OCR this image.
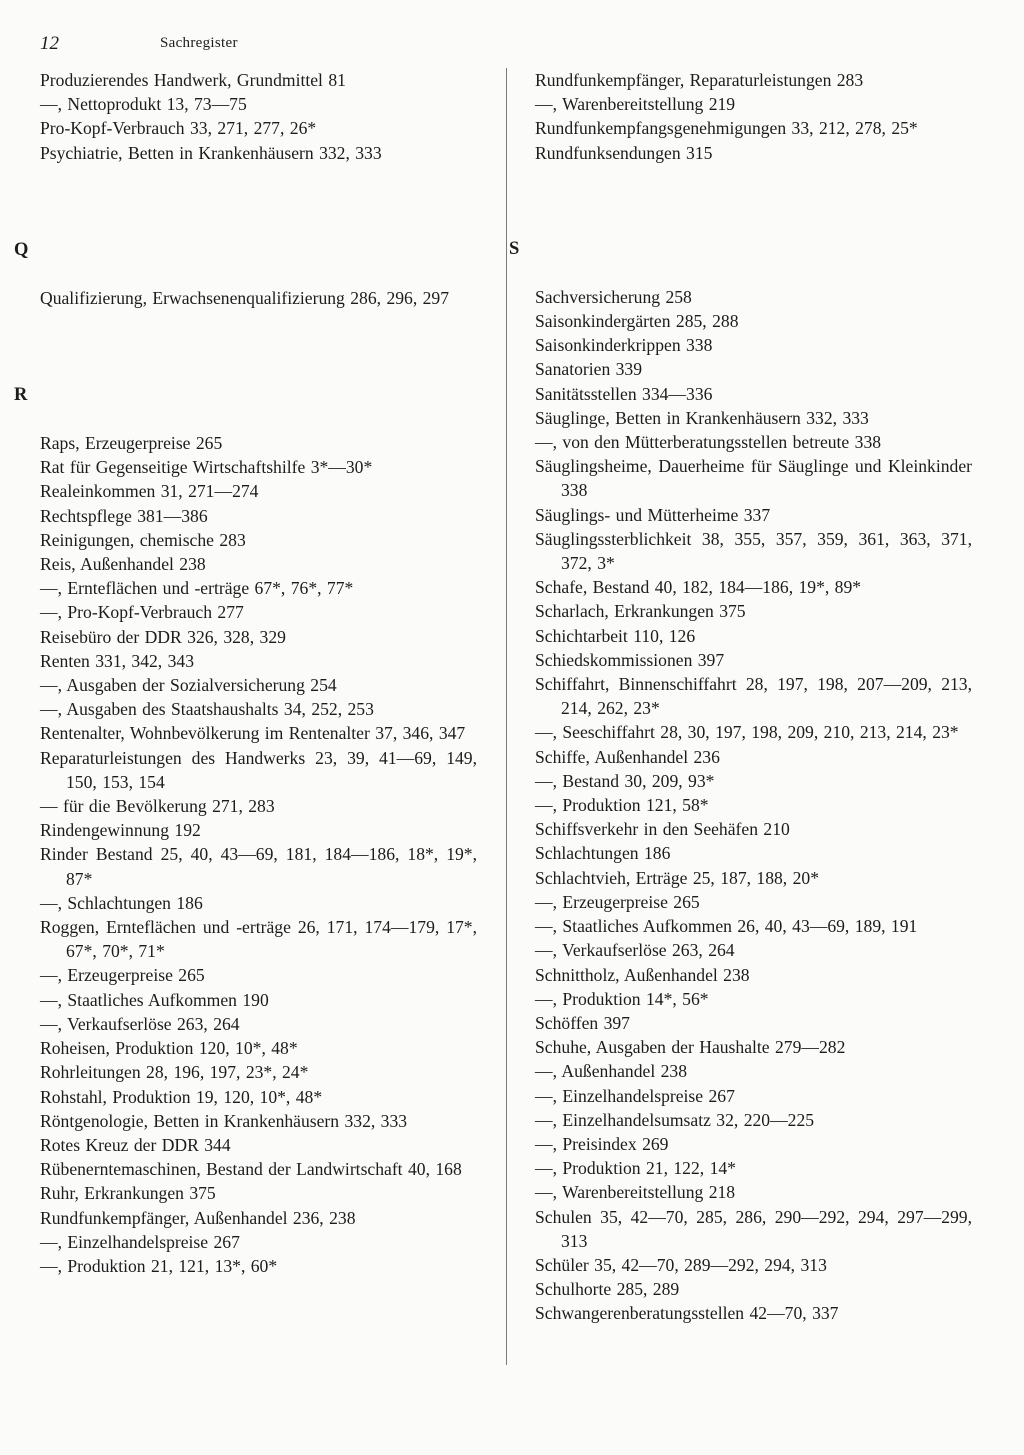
12	Sachregister
Produzierendes Handwerk, Grundmittel 81
—, Nettoprodukt 13, 73—75
Pro-Kopf-Verbrauch 33, 271, 277, 26*
Psychiatrie, Betten in Krankenhäusern 332, 333
Q
Qualifizierung, Erwachsenenqualifizierung 286, 296, 297
R
Raps, Erzeugerpreise 265
Rat für Gegenseitige Wirtschaftshilfe 3*—30*
Realeinkommen 31, 271—274
Rechtspflege 381—386
Reinigungen, chemische 283
Reis, Außenhandel 238
—, Ernteflächen und -erträge 67*, 76*, 77*
—, Pro-Kopf-Verbrauch 277
Reisebüro der DDR 326, 328, 329
Renten 331, 342, 343
—, Ausgaben der Sozialversicherung 254
—, Ausgaben des Staatshaushalts 34, 252, 253
Rentenalter, Wohnbevölkerung im Rentenalter 37, 346, 347
Reparaturleistungen des Handwerks 23, 39, 41—69, 149, 150, 153, 154
— für die Bevölkerung 271, 283
Rindengewinnung 192
Rinder Bestand 25, 40, 43—69, 181, 184—186, 18*, 19*, 87*
—, Schlachtungen 186
Roggen, Ernteflächen und -erträge 26, 171, 174—179, 17*, 67*, 70*, 71*
—, Erzeugerpreise 265
—, Staatliches Aufkommen 190
—, Verkaufserlöse 263, 264
Roheisen, Produktion 120, 10*, 48*
Rohrleitungen 28, 196, 197, 23*, 24*
Rohstahl, Produktion 19, 120, 10*, 48*
Röntgenologie, Betten in Krankenhäusern 332, 333
Rotes Kreuz der DDR 344
Rübenerntemaschinen, Bestand der Landwirtschaft 40, 168
Ruhr, Erkrankungen 375
Rundfunkempfänger, Außenhandel 236, 238
—, Einzelhandelspreise 267
—, Produktion 21, 121, 13*, 60*
Rundfunkempfänger, Reparaturleistungen 283
—, Warenbereitstellung 219
Rundfunkempfangsgenehmigungen 33, 212, 278, 25*
Rundfunksendungen 315
S
Sachversicherung 258
Saisonkindergärten 285, 288
Saisonkinderkrippen 338
Sanatorien 339
Sanitätsstellen 334—336
Säuglinge, Betten in Krankenhäusern 332, 333
—, von den Mütterberatungsstellen betreute 338
Säuglingsheime, Dauerheime für Säuglinge und Kleinkinder 338
Säuglings- und Mütterheime 337
Säuglingssterblichkeit 38, 355, 357, 359, 361, 363, 371, 372, 3*
Schafe, Bestand 40, 182, 184—186, 19*, 89*
Scharlach, Erkrankungen 375
Schichtarbeit 110, 126
Schiedskommissionen 397
Schiffahrt, Binnenschiffahrt 28, 197, 198, 207—209, 213, 214, 262, 23*
—, Seeschiffahrt 28, 30, 197, 198, 209, 210, 213, 214, 23*
Schiffe, Außenhandel 236
—, Bestand 30, 209, 93*
—, Produktion 121, 58*
Schiffsverkehr in den Seehäfen 210
Schlachtungen 186
Schlachtvieh, Erträge 25, 187, 188, 20*
—, Erzeugerpreise 265
—, Staatliches Aufkommen 26, 40, 43—69, 189, 191
—, Verkaufserlöse 263, 264
Schnittholz, Außenhandel 238
—, Produktion 14*, 56*
Schöffen 397
Schuhe, Ausgaben der Haushalte 279—282
—, Außenhandel 238
—, Einzelhandelspreise 267
—, Einzelhandelsumsatz 32, 220—225
—, Preisindex 269
—, Produktion 21, 122, 14*
—, Warenbereitstellung 218
Schulen 35, 42—70, 285, 286, 290—292, 294, 297—299, 313
Schüler 35, 42—70, 289—292, 294, 313
Schulhorte 285, 289
Schwangerenberatungsstellen 42—70, 337
